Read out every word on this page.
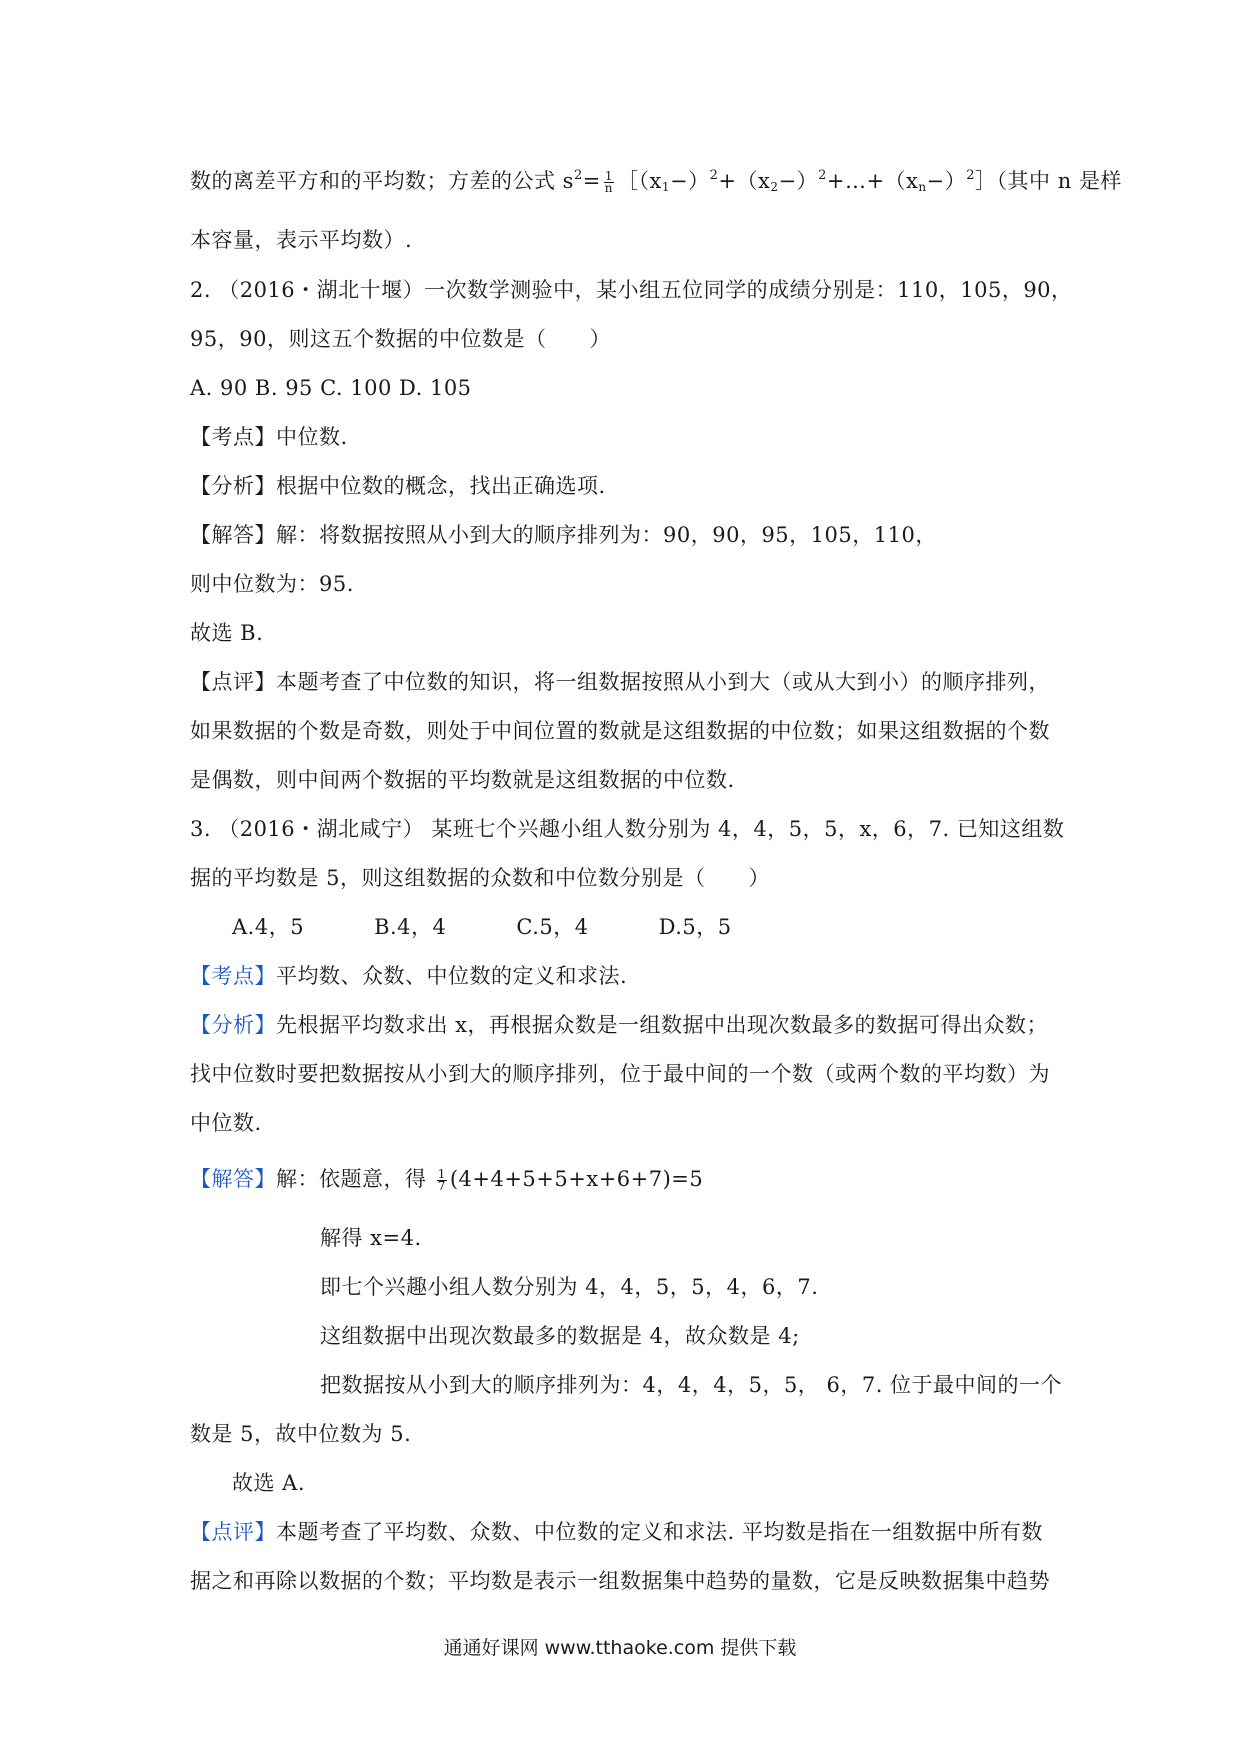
数的离差平方和的平均数；方差的公式 $s^2= \frac{1}{n}$ $[(x_1-)^2+(x_2-)^2+\dots+(x_n-)^2]$（其中 n 是样
本容量，表示平均数）.
2. （2016・湖北十堰）一次数学测验中，某小组五位同学的成绩分别是：110，105，90，
95，90，则这五个数据的中位数是（　　）
A. 90 B. 95 C. 100 D. 105
【考点】中位数.
【分析】根据中位数的概念，找出正确选项.
【解答】解：将数据按照从小到大的顺序排列为：90，90，95，105，110，
则中位数为：95.
故选 B.
【点评】本题考查了中位数的知识，将一组数据按照从小到大（或从大到小）的顺序排列，
如果数据的个数是奇数，则处于中间位置的数就是这组数据的中位数；如果这组数据的个数
是偶数，则中间两个数据的平均数就是这组数据的中位数.
3. （2016・湖北咸宁） 某班七个兴趣小组人数分别为 4，4，5，5，x，6，7. 已知这组数
据的平均数是 5，则这组数据的众数和中位数分别是（　　）
A.4，5	B.4，4	C.5，4	D.5，5
【考点】平均数、众数、中位数的定义和求法.
【分析】先根据平均数求出 x，再根据众数是一组数据中出现次数最多的数据可得出众数；
找中位数时要把数据按从小到大的顺序排列，位于最中间的一个数（或两个数的平均数）为
中位数.
【解答】解：依题意，得 $\frac{1}{7} (4+4+5+5+x+6+7)=5$
解得 x=4.
即七个兴趣小组人数分别为 4，4，5，5，4，6，7.
这组数据中出现次数最多的数据是 4，故众数是 4;
把数据按从小到大的顺序排列为：4，4，4，5，5， 6，7. 位于最中间的一个
数是 5，故中位数为 5.
故选 A.
【点评】本题考查了平均数、众数、中位数的定义和求法. 平均数是指在一组数据中所有数
据之和再除以数据的个数；平均数是表示一组数据集中趋势的量数，它是反映数据集中趋势
通通好课网 www.tthaoke.com 提供下载
